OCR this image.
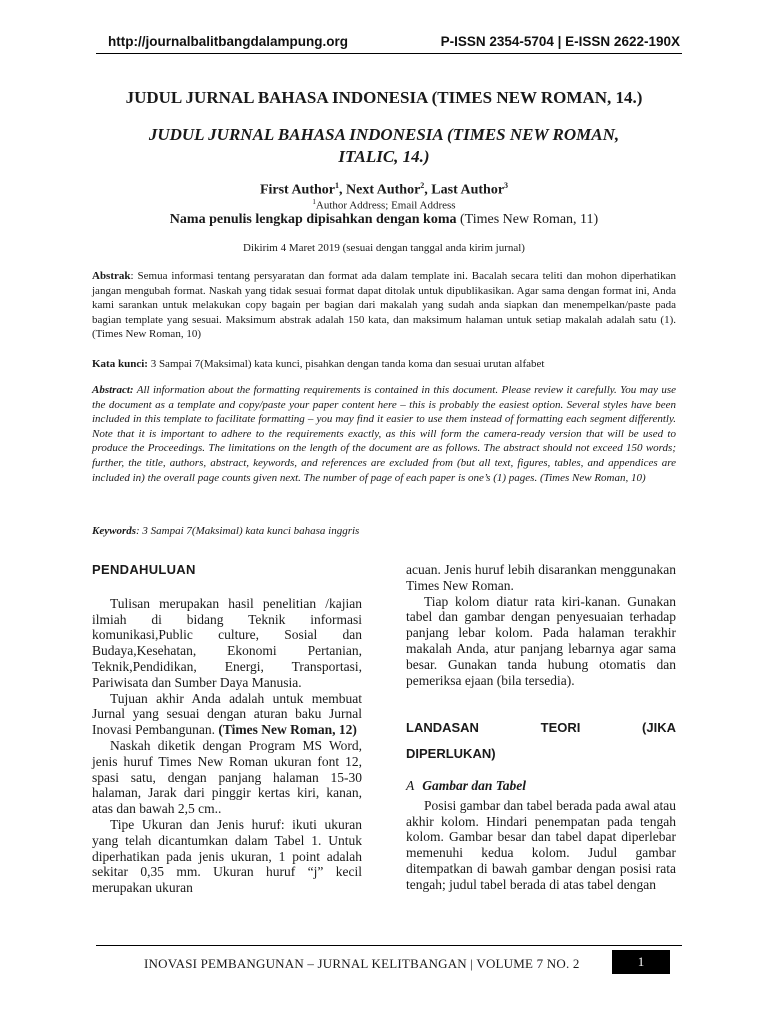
http://journalbalitbangdalampung.org	P-ISSN 2354-5704 | E-ISSN 2622-190X
JUDUL JURNAL BAHASA INDONESIA (TIMES NEW ROMAN, 14.)
JUDUL JURNAL BAHASA INDONESIA (TIMES NEW ROMAN, ITALIC, 14.)
First Author$^1$, Next Author$^2$, Last Author$^3$
$^1$Author Address; Email Address
Nama penulis lengkap dipisahkan dengan koma (Times New Roman, 11)
Dikirim 4 Maret 2019 (sesuai dengan tanggal anda kirim jurnal)
Abstrak: Semua informasi tentang persyaratan dan format ada dalam template ini. Bacalah secara teliti dan mohon diperhatikan jangan mengubah format. Naskah yang tidak sesuai format dapat ditolak untuk dipublikasikan. Agar sama dengan format ini, Anda kami sarankan untuk melakukan copy bagain per bagian dari makalah yang sudah anda siapkan dan menempelkan/paste pada bagian template yang sesuai. Maksimum abstrak adalah 150 kata, dan maksimum halaman untuk setiap makalah adalah satu (1). (Times New Roman, 10)
Kata kunci: 3 Sampai 7(Maksimal) kata kunci, pisahkan dengan tanda koma dan sesuai urutan alfabet
Abstract: All information about the formatting requirements is contained in this document. Please review it carefully. You may use the document as a template and copy/paste your paper content here – this is probably the easiest option. Several styles have been included in this template to facilitate formatting – you may find it easier to use them instead of formatting each segment differently. Note that it is important to adhere to the requirements exactly, as this will form the camera-ready version that will be used to produce the Proceedings. The limitations on the length of the document are as follows. The abstract should not exceed 150 words; further, the title, authors, abstract, keywords, and references are excluded from (but all text, figures, tables, and appendices are included in) the overall page counts given next. The number of page of each paper is one’s (1) pages. (Times New Roman, 10)
Keywords: 3 Sampai 7(Maksimal) kata kunci bahasa inggris

PENDAHULUAN

Tulisan merupakan hasil penelitian /kajian ilmiah di bidang Teknik informasi komunikasi,Public culture, Sosial dan Budaya,Kesehatan, Ekonomi Pertanian, Teknik,Pendidikan, Energi, Transportasi, Pariwisata dan Sumber Daya Manusia.

Tujuan akhir Anda adalah untuk membuat Jurnal yang sesuai dengan aturan baku Jurnal Inovasi Pembangunan. (Times New Roman, 12)

Naskah diketik dengan Program MS Word, jenis huruf Times New Roman ukuran font 12, spasi satu, dengan panjang halaman 15-30 halaman, Jarak dari pinggir kertas kiri, kanan, atas dan bawah 2,5 cm..

Tipe Ukuran dan Jenis huruf: ikuti ukuran yang telah dicantumkan dalam Tabel 1. Untuk diperhatikan pada jenis ukuran, 1 point adalah sekitar 0,35 mm. Ukuran huruf “j” kecil merupakan ukuran

acuan. Jenis huruf lebih disarankan menggunakan Times New Roman.

Tiap kolom diatur rata kiri-kanan. Gunakan tabel dan gambar dengan penyesuaian terhadap panjang lebar kolom. Pada halaman terakhir makalah Anda, atur panjang lebarnya agar sama besar. Gunakan tanda hubung otomatis dan pemeriksa ejaan (bila tersedia).

LANDASAN	TEORI	(JIKA
DIPERLUKAN)

A Gambar dan Tabel

Posisi gambar dan tabel berada pada awal atau akhir kolom. Hindari penempatan pada tengah kolom. Gambar besar dan tabel dapat diperlebar memenuhi kedua kolom. Judul gambar ditempatkan di bawah gambar dengan posisi rata tengah; judul tabel berada di atas tabel dengan

INOVASI PEMBANGUNAN – JURNAL KELITBANGAN | VOLUME 7 NO. 2	1
